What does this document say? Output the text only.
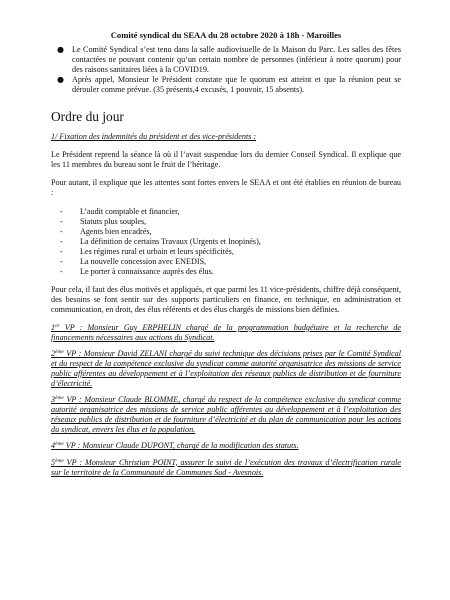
Comité syndical du SEAA du 28 octobre 2020 à 18h - Maroilles
● Le Comité Syndical s’est tenu dans la salle audiovisuelle de la Maison du Parc. Les salles des fêtes contactées ne pouvant contenir qu’un certain nombre de personnes (inférieur à notre quorum) pour des raisons sanitaires liées à la COVID19.
● Après appel, Monsieur le Président constate que le quorum est atteint et que la réunion peut se dérouler comme prévue. (35 présents,4 excusés, 1 pouvoir, 15 absents).
Ordre du jour
1/ Fixation des indemnités du président et des vice-présidents :

Le Président reprend la séance là où il l’avait suspendue lors du dernier Conseil Syndical. Il explique que les 11 membres du bureau sont le fruit de l’héritage.

Pour autant, il explique que les attentes sont fortes envers le SEAA et ont été établies en réunion de bureau :

- L’audit comptable et financier,
- Statuts plus souples,
- Agents bien encadrés,
- La définition de certains Travaux (Urgents et Inopinés),
- Les régimes rural et urbain et leurs spécificités,
- La nouvelle concession avec ENEDIS,
- Le porter à connaissance auprès des élus.

Pour cela, il faut des élus motivés et appliqués, et que parmi les 11 vice-présidents, chiffre déjà conséquent, des besoins se font sentir sur des supports particuliers en finance, en technique, en administration et communication, en droit, des élus référents et des élus chargés de missions bien définies.

1er VP : Monsieur Guy ERPHELIN chargé de la programmation budgétaire et la recherche de financements nécessaires aux actions du Syndicat.
2ème VP : Monsieur David ZELANI chargé du suivi technique des décisions prises par le Comité Syndical et du respect de la compétence exclusive du syndicat comme autorité organisatrice des missions de service public afférentes au développement et à l’exploitation des réseaux publics de distribution et de fourniture d’électricité.
3ème VP : Monsieur Claude BLOMME, chargé du respect de la compétence exclusive du syndicat comme autorité organisatrice des missions de service public afférentes au développement et à l’exploitation des réseaux publics de distribution et de fourniture d’électricité et du plan de communication pour les actions du syndicat, envers les élus et la population.
4ème VP : Monsieur Claude DUPONT, chargé de la modification des statuts.
5ème VP : Monsieur Christian POINT, assurer le suivi de l’exécution des travaux d’électrification rurale sur le territoire de la Communauté de Communes Sud - Avesnois.
